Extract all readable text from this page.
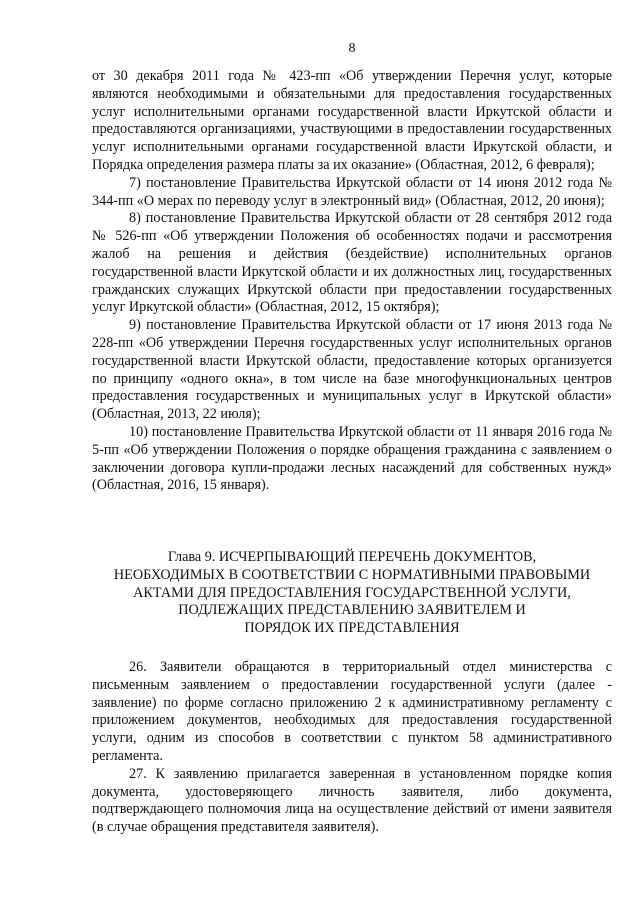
8

от 30 декабря 2011 года № 423-пп «Об утверждении Перечня услуг, которые являются необходимыми и обязательными для предоставления государственных услуг исполнительными органами государственной власти Иркутской области и предоставляются организациями, участвующими в предоставлении государственных услуг исполнительными органами государственной власти Иркутской области, и Порядка определения размера платы за их оказание» (Областная, 2012, 6 февраля);

7) постановление Правительства Иркутской области от 14 июня 2012 года № 344-пп «О мерах по переводу услуг в электронный вид» (Областная, 2012, 20 июня);

8) постановление Правительства Иркутской области от 28 сентября 2012 года № 526-пп «Об утверждении Положения об особенностях подачи и рассмотрения жалоб на решения и действия (бездействие) исполнительных органов государственной власти Иркутской области и их должностных лиц, государственных гражданских служащих Иркутской области при предоставлении государственных услуг Иркутской области» (Областная, 2012, 15 октября);

9) постановление Правительства Иркутской области от 17 июня 2013 года № 228-пп «Об утверждении Перечня государственных услуг исполнительных органов государственной власти Иркутской области, предоставление которых организуется по принципу «одного окна», в том числе на базе многофункциональных центров предоставления государственных и муниципальных услуг в Иркутской области» (Областная, 2013, 22 июля);

10) постановление Правительства Иркутской области от 11 января 2016 года № 5-пп «Об утверждении Положения о порядке обращения гражданина с заявлением о заключении договора купли-продажи лесных насаждений для собственных нужд» (Областная, 2016, 15 января).

Глава 9. ИСЧЕРПЫВАЮЩИЙ ПЕРЕЧЕНЬ ДОКУМЕНТОВ,
НЕОБХОДИМЫХ В СООТВЕТСТВИИ С НОРМАТИВНЫМИ ПРАВОВЫМИ
АКТАМИ ДЛЯ ПРЕДОСТАВЛЕНИЯ ГОСУДАРСТВЕННОЙ УСЛУГИ,
ПОДЛЕЖАЩИХ ПРЕДСТАВЛЕНИЮ ЗАЯВИТЕЛЕМ И
ПОРЯДОК ИХ ПРЕДСТАВЛЕНИЯ

26. Заявители обращаются в территориальный отдел министерства с письменным заявлением о предоставлении государственной услуги (далее - заявление) по форме согласно приложению 2 к административному регламенту с приложением документов, необходимых для предоставления государственной услуги, одним из способов в соответствии с пунктом 58 административного регламента.

27. К заявлению прилагается заверенная в установленном порядке копия документа, удостоверяющего личность заявителя, либо документа, подтверждающего полномочия лица на осуществление действий от имени заявителя (в случае обращения представителя заявителя).
